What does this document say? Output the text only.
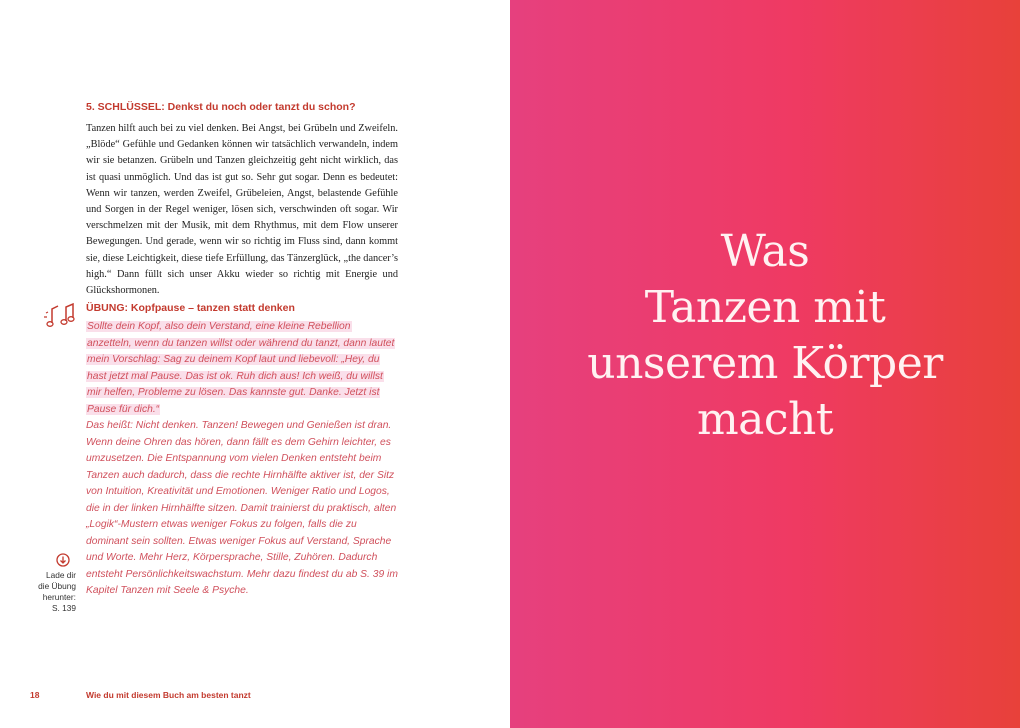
5. SCHLÜSSEL: Denkst du noch oder tanzt du schon?

Tanzen hilft auch bei zu viel denken. Bei Angst, bei Grübeln und Zweifeln. „Blöde“ Gefühle und Gedanken können wir tatsächlich verwandeln, indem wir sie betanzen. Grübeln und Tanzen gleichzeitig geht nicht wirklich, das ist quasi unmöglich. Und das ist gut so. Sehr gut sogar. Denn es bedeutet: Wenn wir tanzen, werden Zweifel, Grübeleien, Angst, belastende Gefühle und Sorgen in der Regel weniger, lösen sich, verschwinden oft sogar. Wir verschmelzen mit der Musik, mit dem Rhythmus, mit dem Flow unserer Bewegungen. Und gerade, wenn wir so richtig im Fluss sind, dann kommt sie, diese Leichtigkeit, diese tiefe Erfüllung, das Tänzerglück, „the dancer’s high.“ Dann füllt sich unser Akku wieder so richtig mit Energie und Glückshormonen.

ÜBUNG: Kopfpause – tanzen statt denken
Sollte dein Kopf, also dein Verstand, eine kleine Rebellion anzetteln, wenn du tanzen willst oder während du tanzt, dann lautet mein Vorschlag: Sag zu deinem Kopf laut und liebevoll: „Hey, du hast jetzt mal Pause. Das ist ok. Ruh dich aus! Ich weiß, du willst mir helfen, Probleme zu lösen. Das kannste gut. Danke. Jetzt ist Pause für dich.“
Das heißt: Nicht denken. Tanzen! Bewegen und Genießen ist dran. Wenn deine Ohren das hören, dann fällt es dem Gehirn leichter, es umzusetzen. Die Entspannung vom vielen Denken entsteht beim Tanzen auch dadurch, dass die rechte Hirnhälfte aktiver ist, der Sitz von Intuition, Kreativität und Emotionen. Weniger Ratio und Logos, die in der linken Hirnhälfte sitzen. Damit trainierst du praktisch, alten „Logik“-Mustern etwas weniger Fokus zu folgen, falls die zu dominant sein sollten. Etwas weniger Fokus auf Verstand, Sprache und Worte. Mehr Herz, Körpersprache, Stille, Zuhören. Dadurch entsteht Persönlichkeitswachstum. Mehr dazu findest du ab S. 39 im Kapitel Tanzen mit Seele & Psyche.
Lade dir
die Übung
herunter:
S. 139
18	Wie du mit diesem Buch am besten tanzt
Was
Tanzen mit
unserem Körper
macht
